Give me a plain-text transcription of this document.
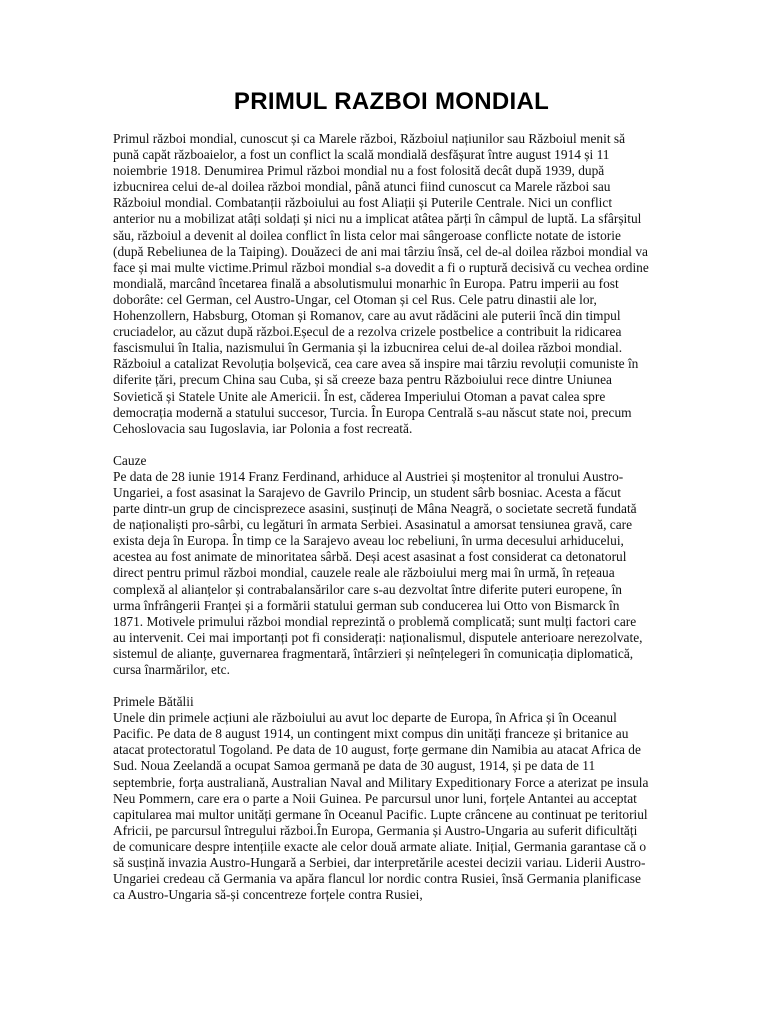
PRIMUL RAZBOI MONDIAL

Primul război mondial, cunoscut și ca Marele război, Războiul națiunilor sau Războiul menit să pună capăt războaielor, a fost un conflict la scală mondială desfășurat între august 1914 și 11 noiembrie 1918. Denumirea Primul război mondial nu a fost folosită decât după 1939, după izbucnirea celui de-al doilea război mondial, până atunci fiind cunoscut ca Marele război sau Războiul mondial. Combatanții războiului au fost Aliații și Puterile Centrale. Nici un conflict anterior nu a mobilizat atâți soldați și nici nu a implicat atâtea părți în câmpul de luptă. La sfârșitul său, războiul a devenit al doilea conflict în lista celor mai sângeroase conflicte notate de istorie (după Rebeliunea de la Taiping). Douăzeci de ani mai târziu însă, cel de-al doilea război mondial va face și mai multe victime.Primul război mondial s-a dovedit a fi o ruptură decisivă cu vechea ordine mondială, marcând încetarea finală a absolutismului monarhic în Europa. Patru imperii au fost doborâte: cel German, cel Austro-Ungar, cel Otoman și cel Rus. Cele patru dinastii ale lor, Hohenzollern, Habsburg, Otoman și Romanov, care au avut rădăcini ale puterii încă din timpul cruciadelor, au căzut după război.Eșecul de a rezolva crizele postbelice a contribuit la ridicarea fascismului în Italia, nazismului în Germania și la izbucnirea celui de-al doilea război mondial. Războiul a catalizat Revoluția bolșevică, cea care avea să inspire mai târziu revoluții comuniste în diferite țări, precum China sau Cuba, și să creeze baza pentru Războiului rece dintre Uniunea Sovietică și Statele Unite ale Americii. În est, căderea Imperiului Otoman a pavat calea spre democrația modernă a statului succesor, Turcia. În Europa Centrală s-au născut state noi, precum Cehoslovacia sau Iugoslavia, iar Polonia a fost recreată.

Cauze

Pe data de 28 iunie 1914 Franz Ferdinand, arhiduce al Austriei și moștenitor al tronului Austro-Ungariei, a fost asasinat la Sarajevo de Gavrilo Princip, un student sârb bosniac. Acesta a făcut parte dintr-un grup de cincisprezece asasini, susținuți de Mâna Neagră, o societate secretă fundată de naționaliști pro-sârbi, cu legături în armata Serbiei. Asasinatul a amorsat tensiunea gravă, care exista deja în Europa. În timp ce la Sarajevo aveau loc rebeliuni, în urma decesului arhiducelui, acestea au fost animate de minoritatea sârbă. Deși acest asasinat a fost considerat ca detonatorul direct pentru primul război mondial, cauzele reale ale războiului merg mai în urmă, în rețeaua complexă al alianțelor și contrabalansărilor care s-au dezvoltat între diferite puteri europene, în urma înfrângerii Franței și a formării statului german sub conducerea lui Otto von Bismarck în 1871. Motivele primului război mondial reprezintă o problemă complicată; sunt mulți factori care au intervenit. Cei mai importanți pot fi considerați: naționalismul, disputele anterioare nerezolvate, sistemul de alianțe, guvernarea fragmentară, întârzieri și neînțelegeri în comunicația diplomatică, cursa înarmărilor, etc.

Primele Bătălii

Unele din primele acțiuni ale războiului au avut loc departe de Europa, în Africa și în Oceanul Pacific. Pe data de 8 august 1914, un contingent mixt compus din unități franceze și britanice au atacat protectoratul Togoland. Pe data de 10 august, forțe germane din Namibia au atacat Africa de Sud. Noua Zeelandă a ocupat Samoa germană pe data de 30 august, 1914, și pe data de 11 septembrie, forța australiană, Australian Naval and Military Expeditionary Force a aterizat pe insula Neu Pommern, care era o parte a Noii Guinea. Pe parcursul unor luni, forțele Antantei au acceptat capitularea mai multor unități germane în Oceanul Pacific. Lupte crâncene au continuat pe teritoriul Africii, pe parcursul întregului război.În Europa, Germania și Austro-Ungaria au suferit dificultăți de comunicare despre intențiile exacte ale celor două armate aliate. Inițial, Germania garantase că o să susțină invazia Austro-Hungară a Serbiei, dar interpretările acestei decizii variau. Liderii Austro-Ungariei credeau că Germania va apăra flancul lor nordic contra Rusiei, însă Germania planificase ca Austro-Ungaria să-și concentreze forțele contra Rusiei,
